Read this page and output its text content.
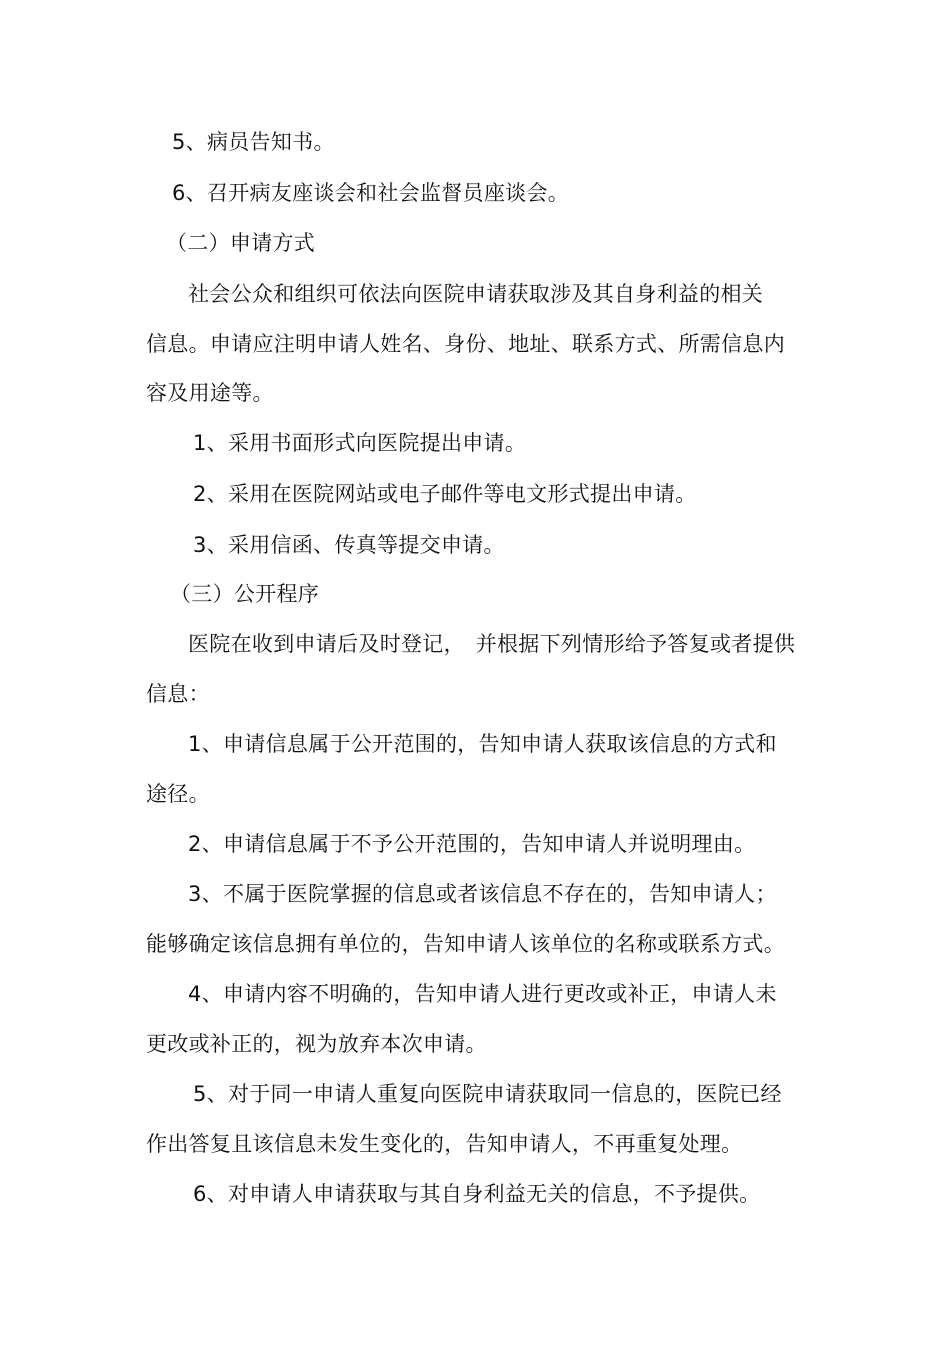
5、病员告知书。
6、召开病友座谈会和社会监督员座谈会。
（二）申请方式
社会公众和组织可依法向医院申请获取涉及其自身利益的相关
信息。申请应注明申请人姓名、身份、地址、联系方式、所需信息内
容及用途等。
1、采用书面形式向医院提出申请。
2、采用在医院网站或电子邮件等电文形式提出申请。
3、采用信函、传真等提交申请。
（三）公开程序
医院在收到申请后及时登记，　并根据下列情形给予答复或者提供
信息：
1、申请信息属于公开范围的，告知申请人获取该信息的方式和
途径。
2、申请信息属于不予公开范围的，告知申请人并说明理由。
3、不属于医院掌握的信息或者该信息不存在的，告知申请人；
能够确定该信息拥有单位的，告知申请人该单位的名称或联系方式。
4、申请内容不明确的，告知申请人进行更改或补正，申请人未
更改或补正的，视为放弃本次申请。
5、对于同一申请人重复向医院申请获取同一信息的，医院已经
作出答复且该信息未发生变化的，告知申请人，不再重复处理。
6、对申请人申请获取与其自身利益无关的信息，不予提供。
